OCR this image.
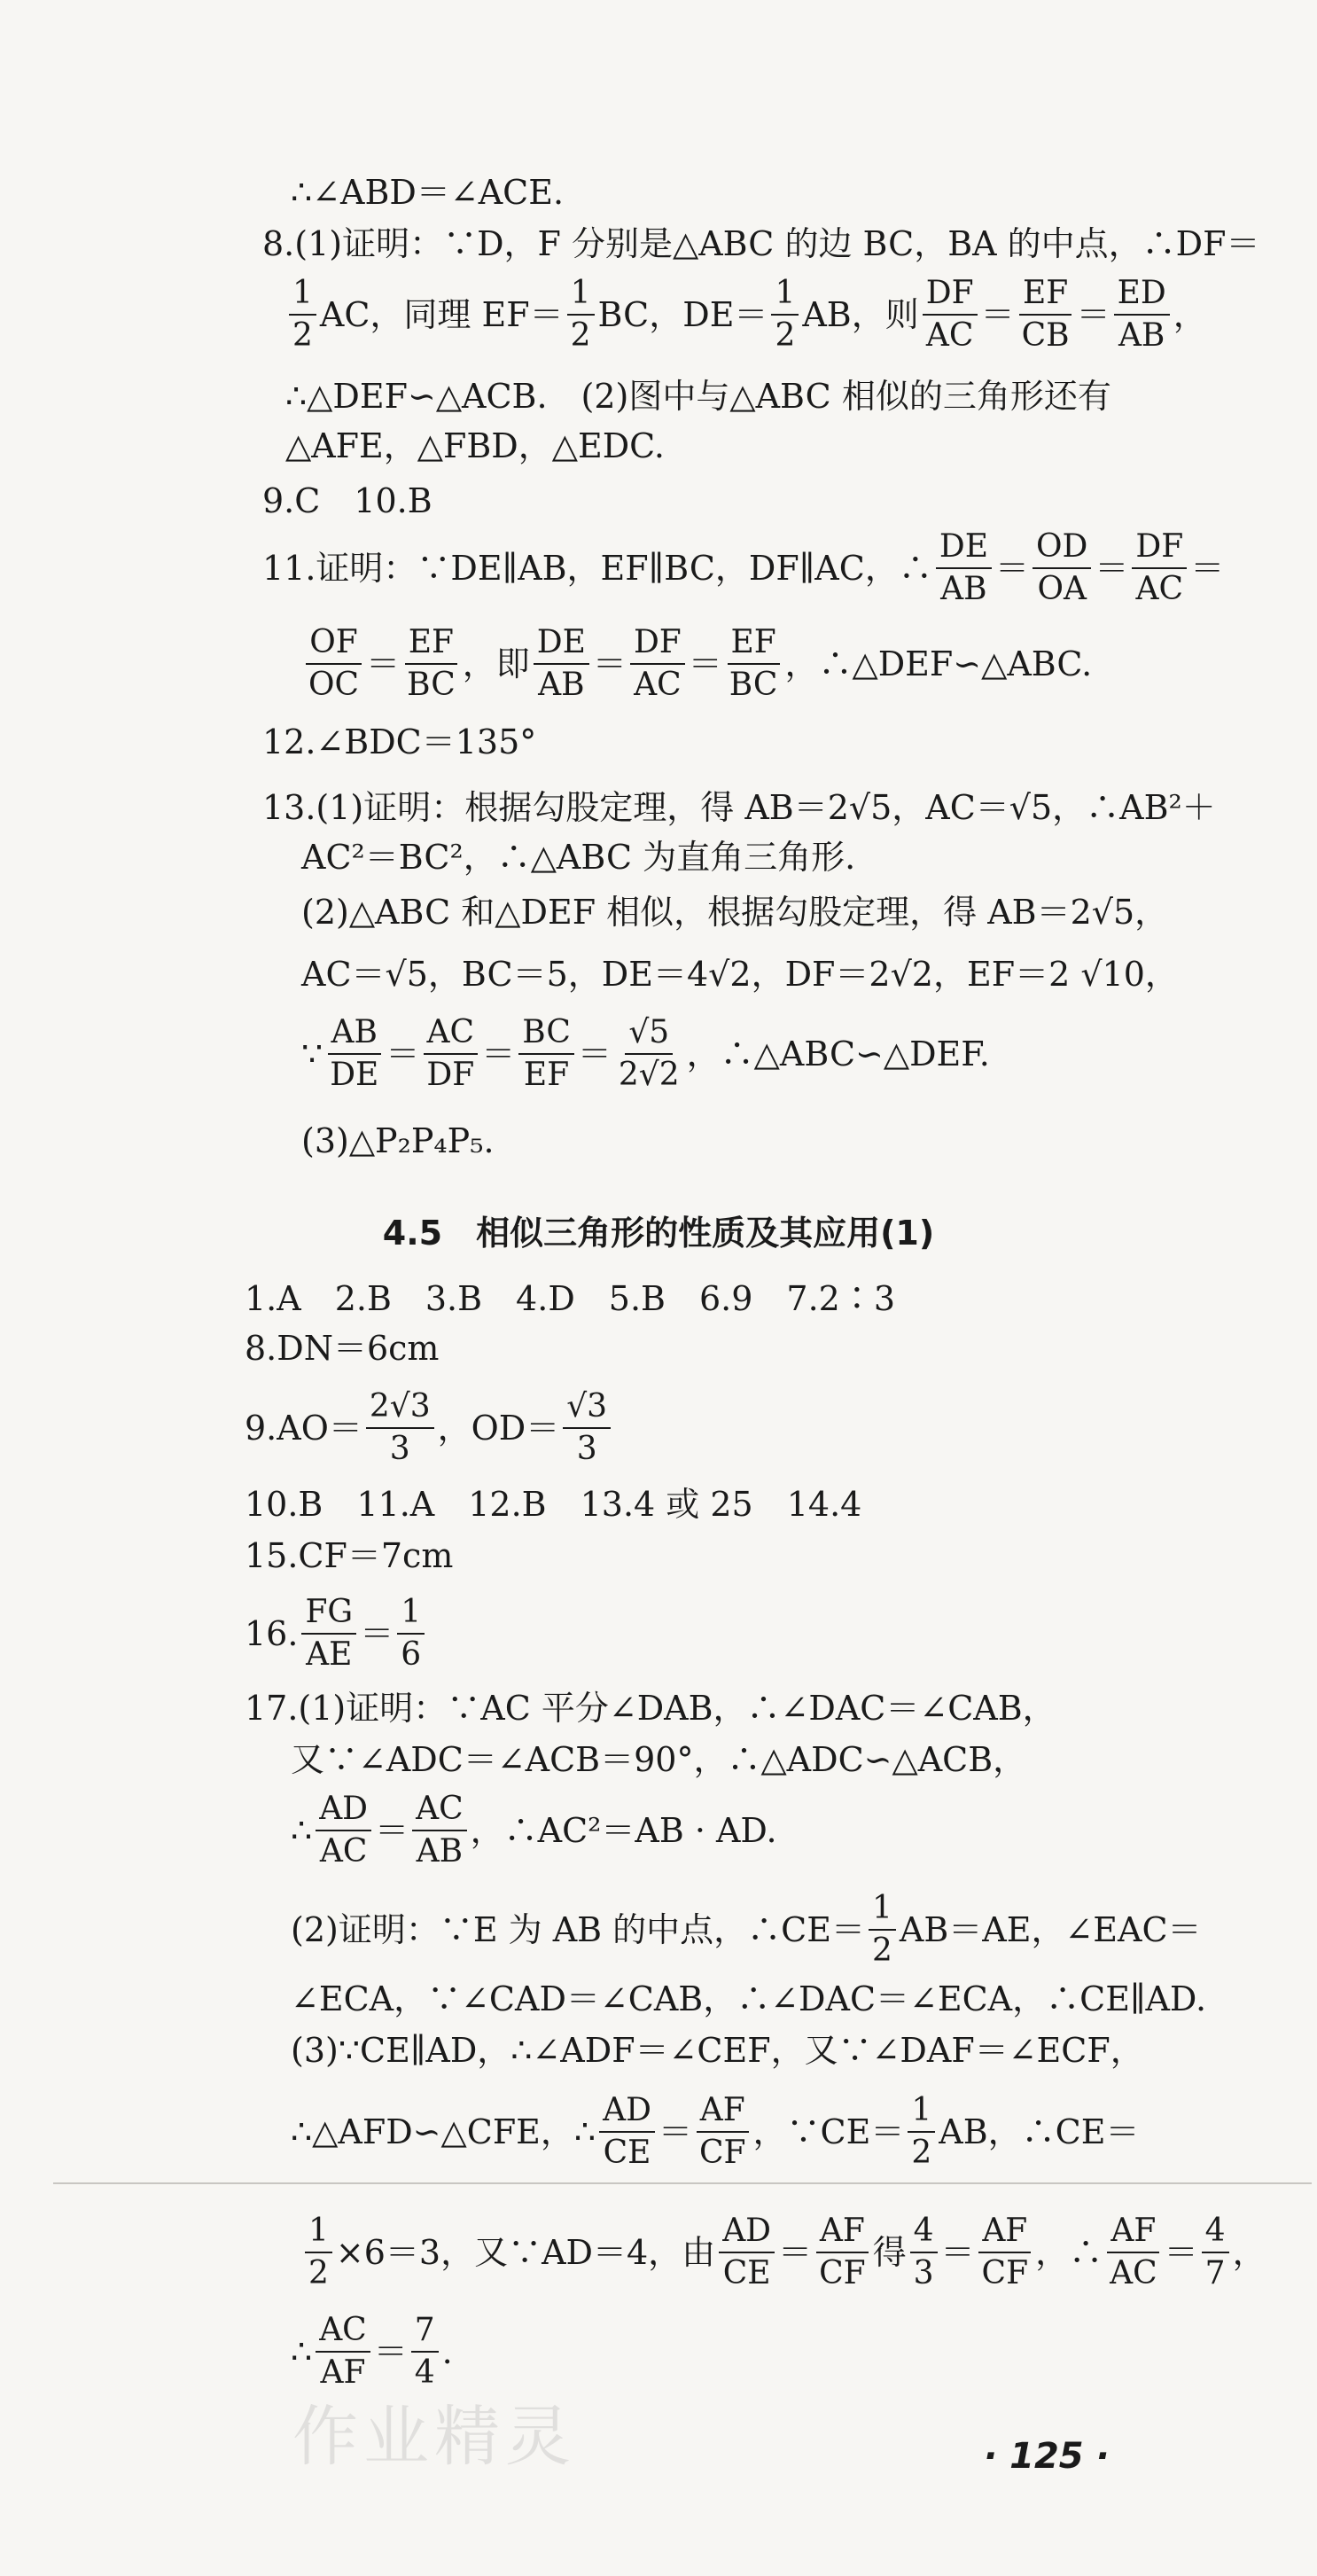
∴∠ABD＝∠ACE.
8.(1)证明：∵D，F 分别是△ABC 的边 BC，BA 的中点，∴DF＝
$\frac{1}{2}$ AC，同理 $EF= \frac{1}{2}$ BC，$DE= \frac{1}{2}$ AB，则 $\frac{DF}{AC} = \frac{EF}{CB} = \frac{ED}{AB}$ ，
∴△DEF∽△ACB.　(2)图中与△ABC 相似的三角形还有
△AFE，△FBD，△EDC.
9.C　10.B
11.证明：∵DE∥AB，EF∥BC，DF∥AC，∴ $\frac{DE}{AB} = \frac{OD}{OA} = \frac{DF}{AC}$ ＝
$\frac{OF}{OC} = \frac{EF}{BC}$ ，即 $\frac{DE}{AB} = \frac{DF}{AC} = \frac{EF}{BC}$ ，∴△DEF∽△ABC.
12.∠BDC＝135°
13.(1)证明：根据勾股定理，得 AB＝2√5，AC＝√5，∴AB²＋
AC²＝BC²，∴△ABC 为直角三角形.
(2)△ABC 和△DEF 相似，根据勾股定理，得 AB＝2√5，
AC＝√5，BC＝5，DE＝4√2，DF＝2√2，EF＝2 √10，
∵ $\frac{AB}{DE} = \frac{AC}{DF} = \frac{BC}{EF} = \frac{√5}{2√2}$ ，∴△ABC∽△DEF.
(3)△P₂P₄P₅.
4.5　相似三角形的性质及其应用(1)
1.A　2.B　3.B　4.D　5.B　6.9　7.2∶3
8.DN＝6cm
$9.AO= \frac{2√3}{3}$ ，$OD= \frac{√3}{3}$
10.B　11.A　12.B　13.4 或 25　14.4
15.CF＝7cm
16. $\frac{FG}{AE} = \frac{1}{6}$
17.(1)证明：∵AC 平分∠DAB，∴∠DAC＝∠CAB，
又∵∠ADC＝∠ACB＝90°，∴△ADC∽△ACB，
∴ $\frac{AD}{AC} = \frac{AC}{AB}$ ，∴AC²＝AB · AD.
(2)证明：∵E 为 AB 的中点，∴CE＝ $\frac{1}{2} AB=AE$，∠EAC＝
∠ECA，∵∠CAD＝∠CAB，∴∠DAC＝∠ECA，∴CE∥AD.
(3)∵CE∥AD，∴∠ADF＝∠CEF，又∵∠DAF＝∠ECF，
∴△AFD∽△CFE，∴ $\frac{AD}{CE} = \frac{AF}{CF}$ ，∵CE＝ $\frac{1}{2}$ AB，∴CE＝
$\frac{1}{2} \times 6=3$，又∵AD＝4，由 $\frac{AD}{CE} = \frac{AF}{CF}$ 得 $\frac{4}{3} = \frac{AF}{CF}$ ，∴ $\frac{AF}{AC} = \frac{4}{7}$ ，
∴ $\frac{AC}{AF} = \frac{7}{4}$ .
作业精灵	· 125 ·
